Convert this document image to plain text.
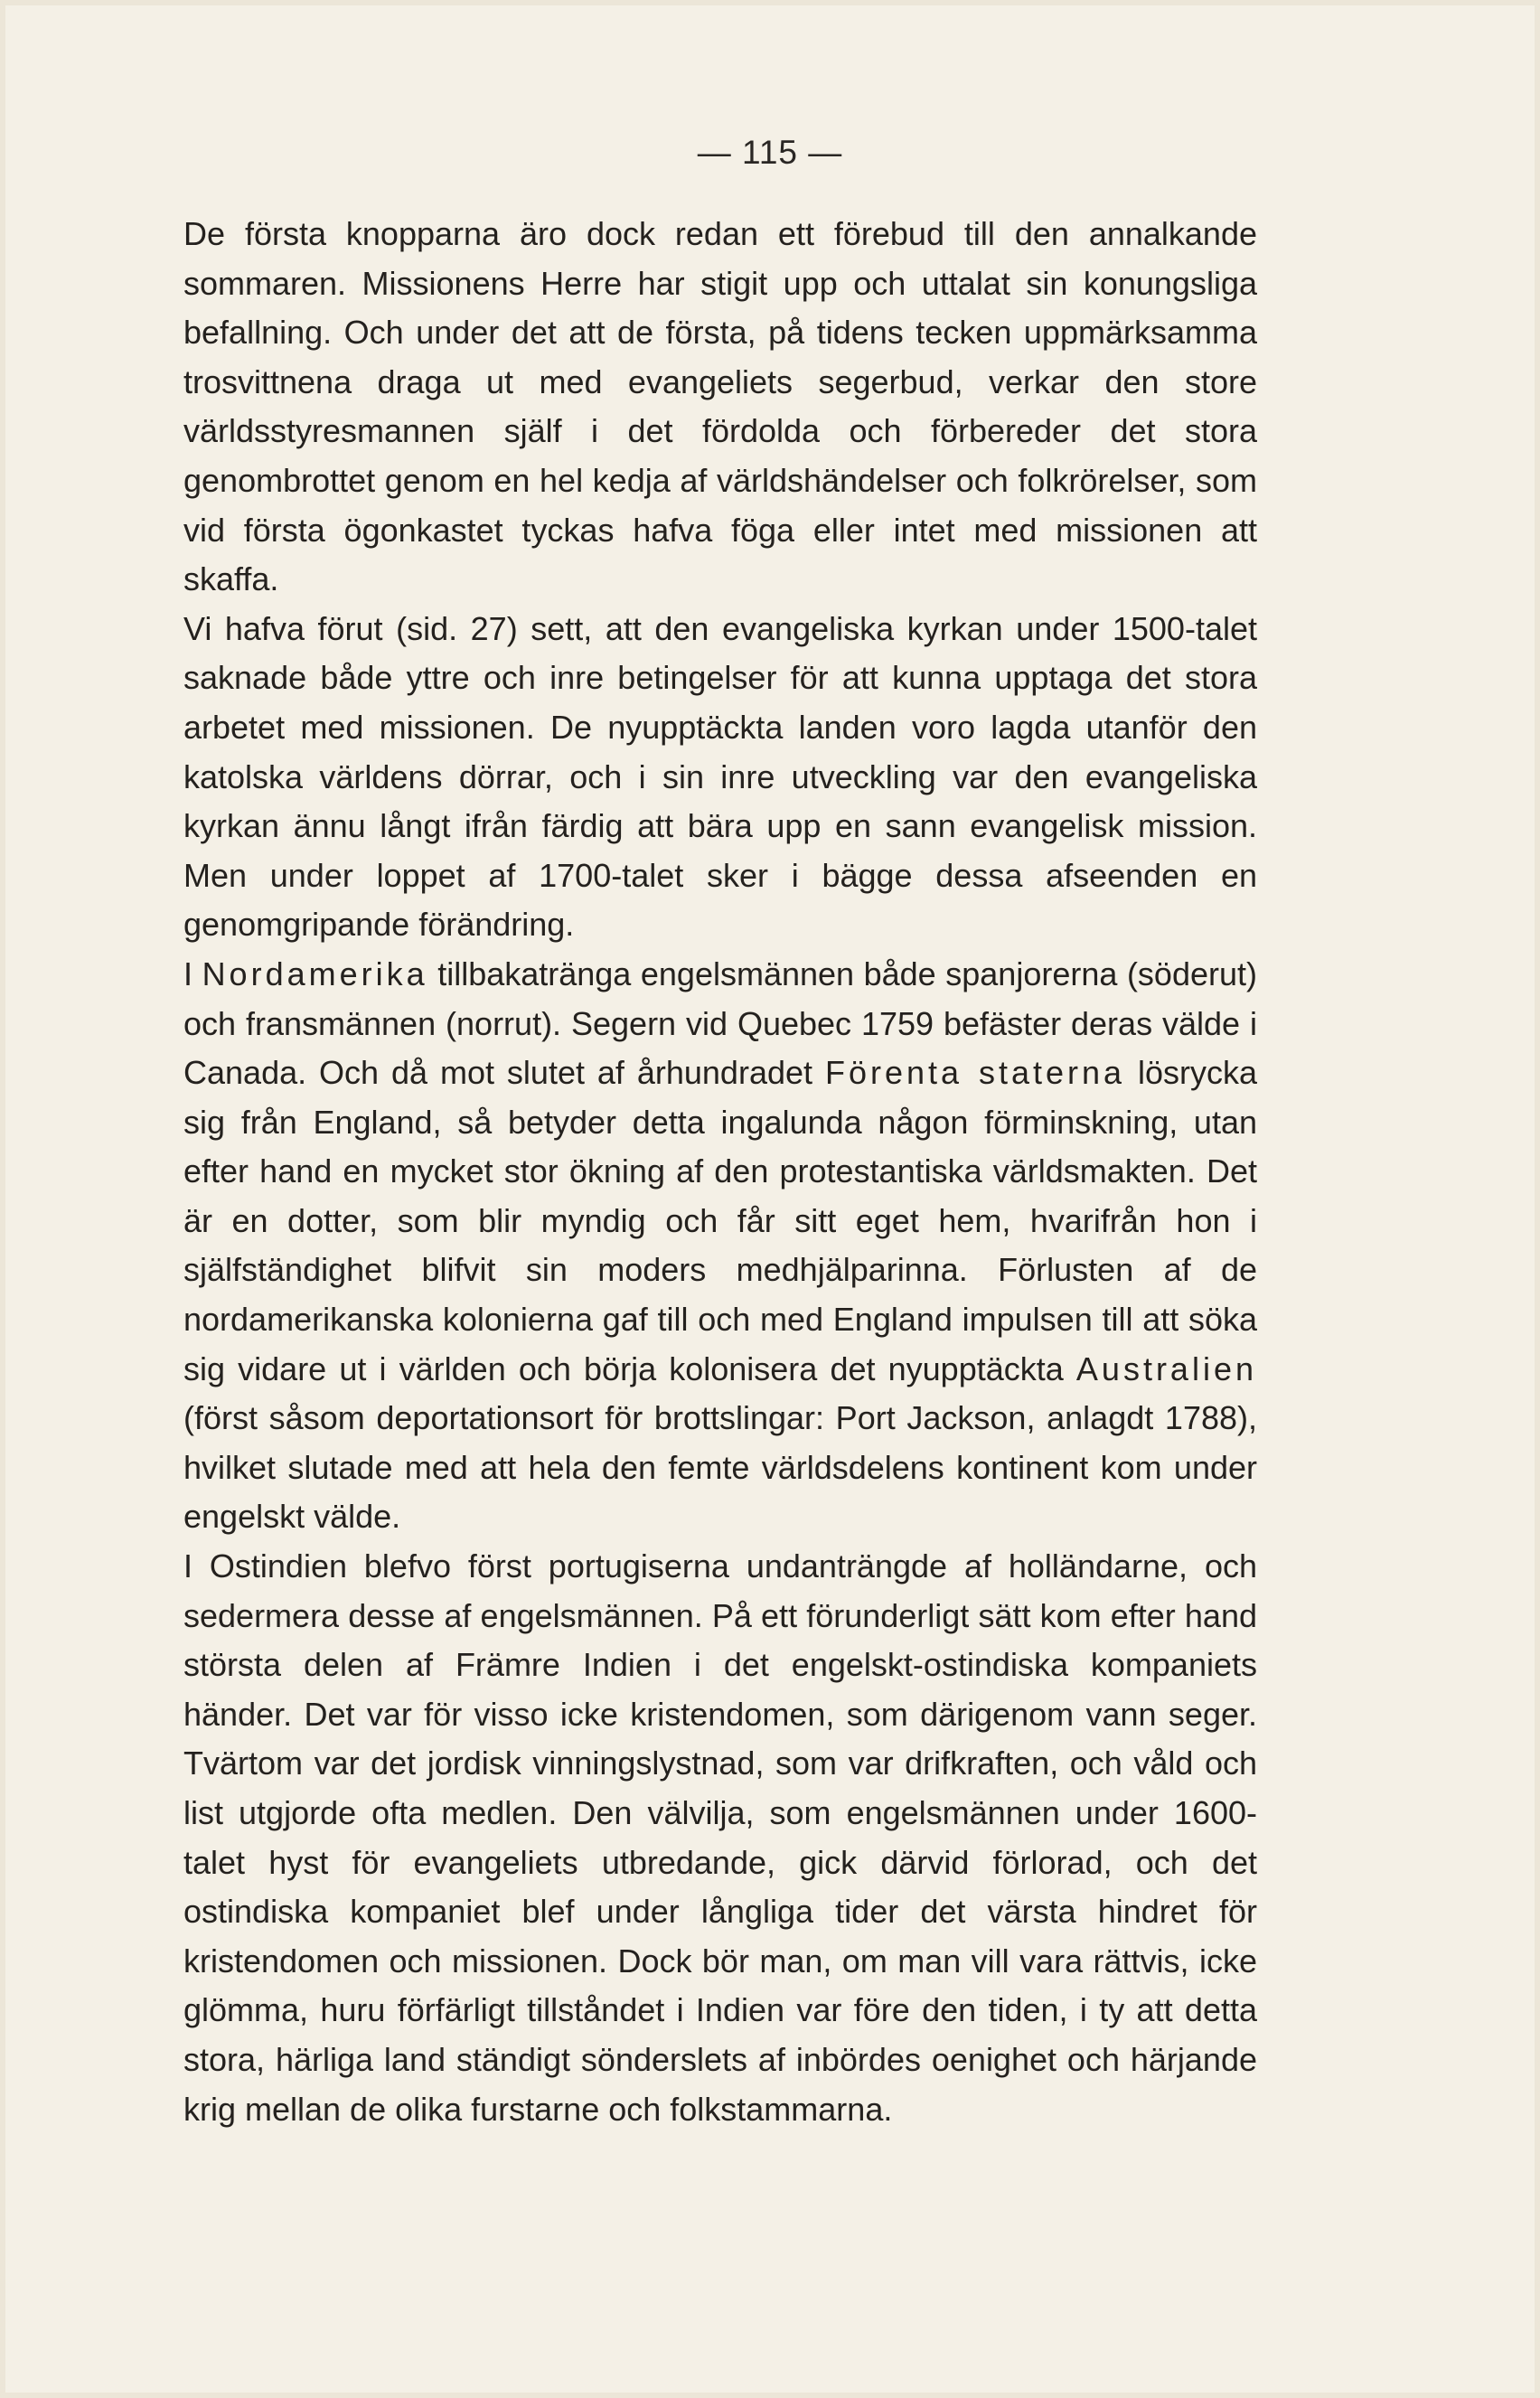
— 115 —

De första knopparna äro dock redan ett förebud till den annalkande sommaren. Missionens Herre har stigit upp och uttalat sin konungsliga befallning. Och under det att de första, på tidens tecken uppmärksamma trosvittnena draga ut med evangeliets segerbud, verkar den store världsstyresmannen själf i det fördolda och förbereder det stora genombrottet genom en hel kedja af världshändelser och folkrörelser, som vid första ögonkastet tyckas hafva föga eller intet med missionen att skaffa.

Vi hafva förut (sid. 27) sett, att den evangeliska kyrkan under 1500-talet saknade både yttre och inre betingelser för att kunna upptaga det stora arbetet med missionen. De nyupptäckta landen voro lagda utanför den katolska världens dörrar, och i sin inre utveckling var den evangeliska kyrkan ännu långt ifrån färdig att bära upp en sann evangelisk mission. Men under loppet af 1700-talet sker i bägge dessa afseenden en genomgripande förändring.

I Nordamerika tillbakatränga engelsmännen både spanjorerna (söderut) och fransmännen (norrut). Segern vid Quebec 1759 befäster deras välde i Canada. Och då mot slutet af århundradet Förenta staterna lösrycka sig från England, så betyder detta ingalunda någon förminskning, utan efter hand en mycket stor ökning af den protestantiska världsmakten. Det är en dotter, som blir myndig och får sitt eget hem, hvarifrån hon i själfständighet blifvit sin moders medhjälparinna. Förlusten af de nordamerikanska kolonierna gaf till och med England impulsen till att söka sig vidare ut i världen och börja kolonisera det nyupptäckta Australien (först såsom deportationsort för brottslingar: Port Jackson, anlagdt 1788), hvilket slutade med att hela den femte världsdelens kontinent kom under engelskt välde.

I Ostindien blefvo först portugiserna undanträngde af holländarne, och sedermera desse af engelsmännen. På ett förunderligt sätt kom efter hand största delen af Främre Indien i det engelskt-ostindiska kompaniets händer. Det var för visso icke kristendomen, som därigenom vann seger. Tvärtom var det jordisk vinningslystnad, som var drifkraften, och våld och list utgjorde ofta medlen. Den välvilja, som engelsmännen under 1600-talet hyst för evangeliets utbredande, gick därvid förlorad, och det ostindiska kompaniet blef under långliga tider det värsta hindret för kristendomen och missionen. Dock bör man, om man vill vara rättvis, icke glömma, huru förfärligt tillståndet i Indien var före den tiden, i ty att detta stora, härliga land ständigt sönderslets af inbördes oenighet och härjande krig mellan de olika furstarne och folkstammarna.
